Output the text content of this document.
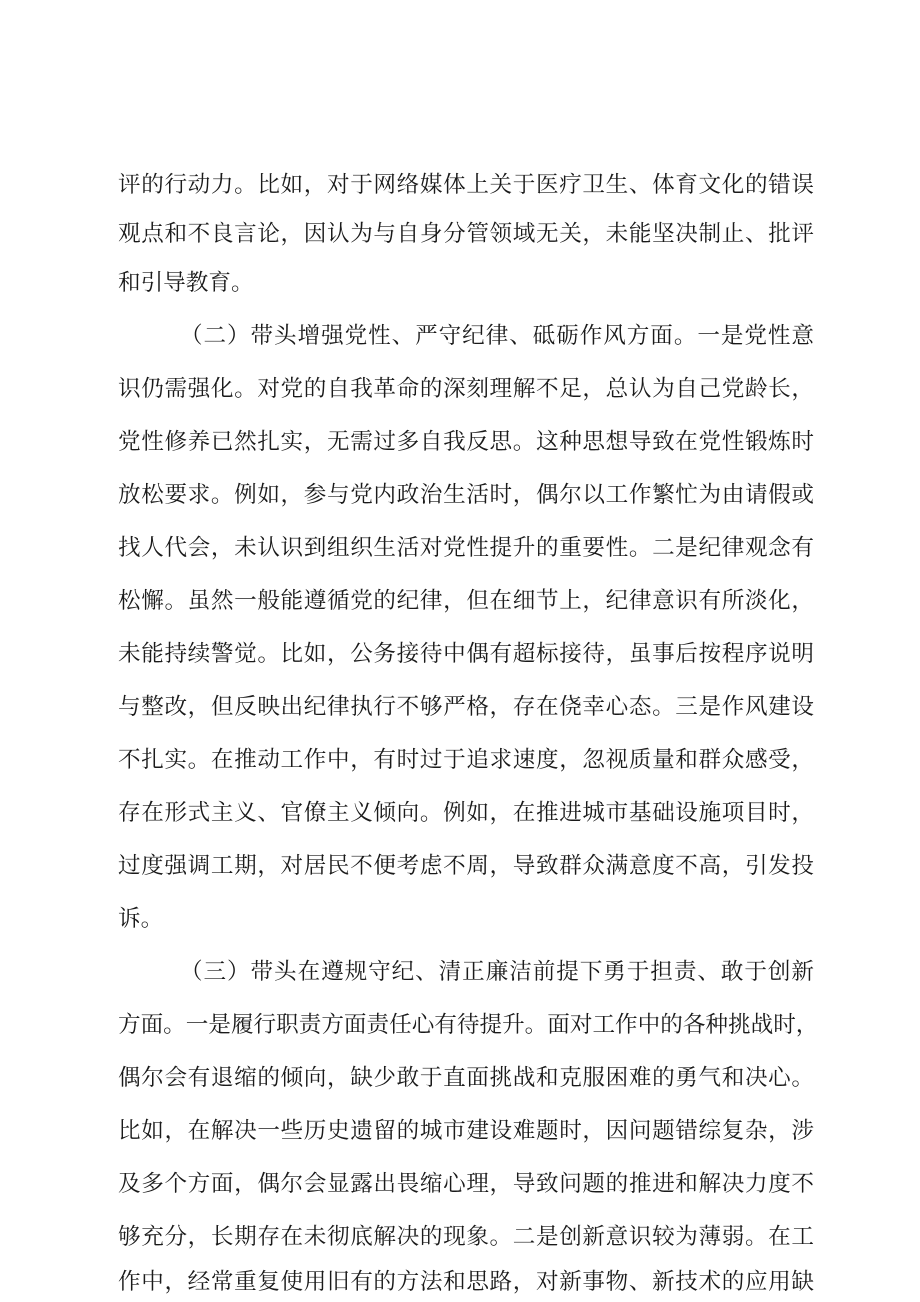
评的行动力。比如，对于网络媒体上关于医疗卫生、体育文化的错误
观点和不良言论，因认为与自身分管领域无关，未能坚决制止、批评
和引导教育。
（二）带头增强党性、严守纪律、砥砺作风方面。一是党性意
识仍需强化。对党的自我革命的深刻理解不足，总认为自己党龄长，
党性修养已然扎实，无需过多自我反思。这种思想导致在党性锻炼时
放松要求。例如，参与党内政治生活时，偶尔以工作繁忙为由请假或
找人代会，未认识到组织生活对党性提升的重要性。二是纪律观念有
松懈。虽然一般能遵循党的纪律，但在细节上，纪律意识有所淡化，
未能持续警觉。比如，公务接待中偶有超标接待，虽事后按程序说明
与整改，但反映出纪律执行不够严格，存在侥幸心态。三是作风建设
不扎实。在推动工作中，有时过于追求速度，忽视质量和群众感受，
存在形式主义、官僚主义倾向。例如，在推进城市基础设施项目时，
过度强调工期，对居民不便考虑不周，导致群众满意度不高，引发投
诉。
（三）带头在遵规守纪、清正廉洁前提下勇于担责、敢于创新
方面。一是履行职责方面责任心有待提升。面对工作中的各种挑战时，
偶尔会有退缩的倾向，缺少敢于直面挑战和克服困难的勇气和决心。
比如，在解决一些历史遗留的城市建设难题时，因问题错综复杂，涉
及多个方面，偶尔会显露出畏缩心理，导致问题的推进和解决力度不
够充分，长期存在未彻底解决的现象。二是创新意识较为薄弱。在工
作中，经常重复使用旧有的方法和思路，对新事物、新技术的应用缺
